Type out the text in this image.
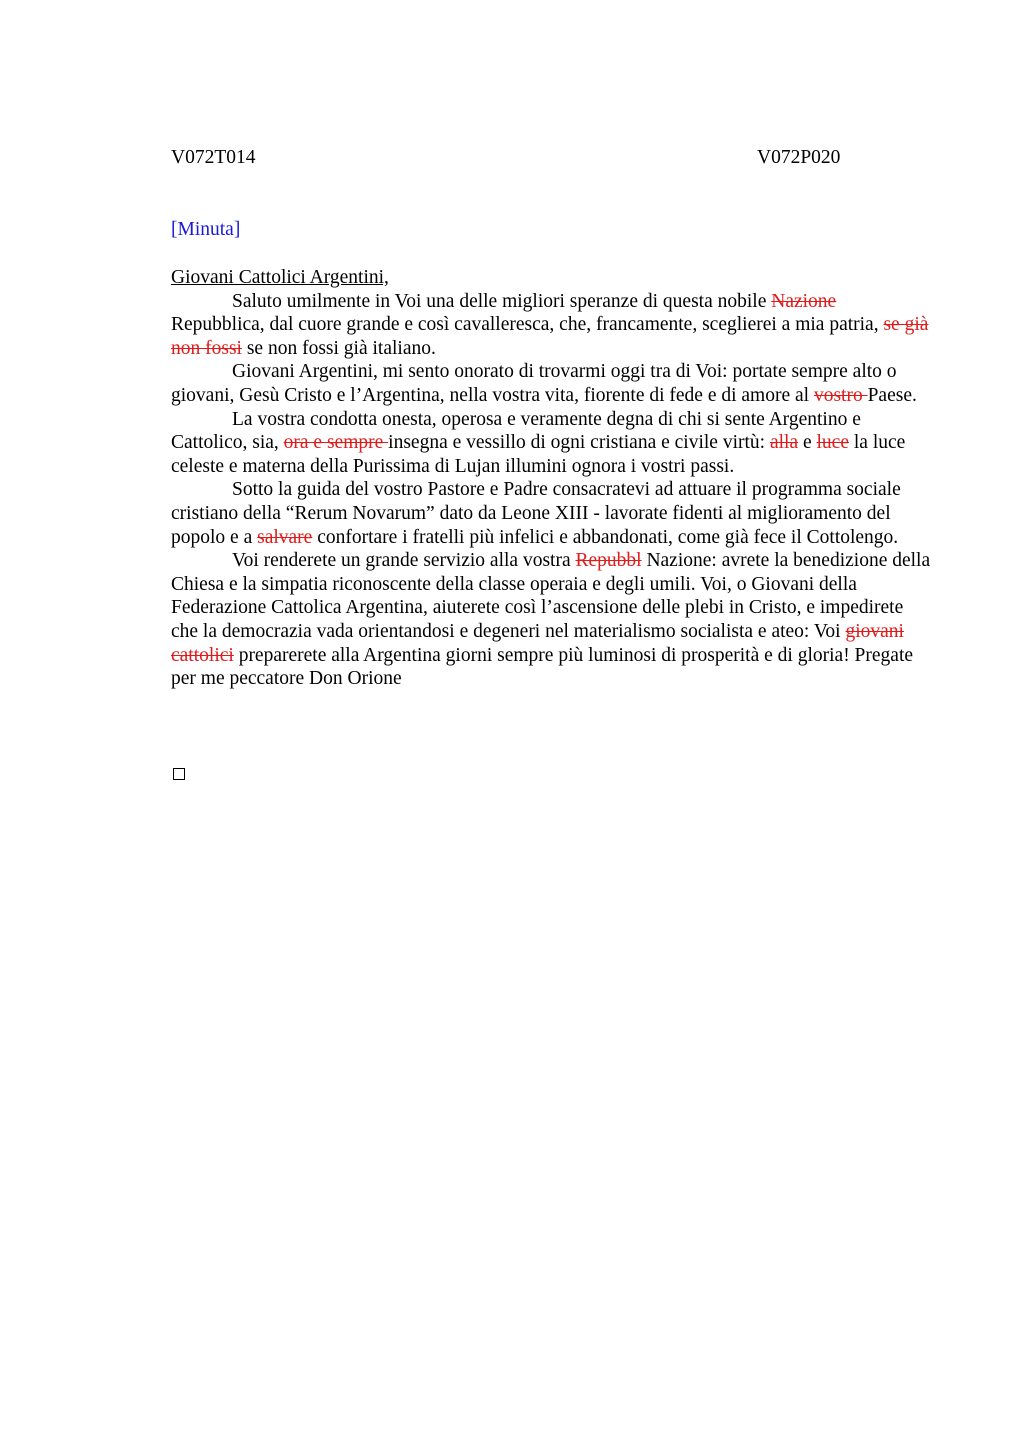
V072T014	V072P020
[Minuta]

Giovani Cattolici Argentini,

Saluto umilmente in Voi una delle migliori speranze di questa nobile Nazione Repubblica, dal cuore grande e così cavalleresca, che, francamente, sceglierei a mia patria, se già non fossi se non fossi già italiano.

Giovani Argentini, mi sento onorato di trovarmi oggi tra di Voi: portate sempre alto o giovani, Gesù Cristo e l’Argentina, nella vostra vita, fiorente di fede e di amore al vostro Paese.

La vostra condotta onesta, operosa e veramente degna di chi si sente Argentino e Cattolico, sia, ora e sempre insegna e vessillo di ogni cristiana e civile virtù: alla e luce la luce celeste e materna della Purissima di Lujan illumini ognora i vostri passi.

Sotto la guida del vostro Pastore e Padre consacratevi ad attuare il programma sociale cristiano della “Rerum Novarum” dato da Leone XIII - lavorate fidenti al miglioramento del popolo e a salvare confortare i fratelli più infelici e abbandonati, come già fece il Cottolengo.

Voi renderete un grande servizio alla vostra Repubbl Nazione: avrete la benedizione della Chiesa e la simpatia riconoscente della classe operaia e degli umili. Voi, o Giovani della Federazione Cattolica Argentina, aiuterete così l’ascensione delle plebi in Cristo, e impedirete che la democrazia vada orientandosi e degeneri nel materialismo socialista e ateo: Voi giovani cattolici preparerete alla Argentina giorni sempre più luminosi di prosperità e di gloria! Pregate per me peccatore Don Orione
